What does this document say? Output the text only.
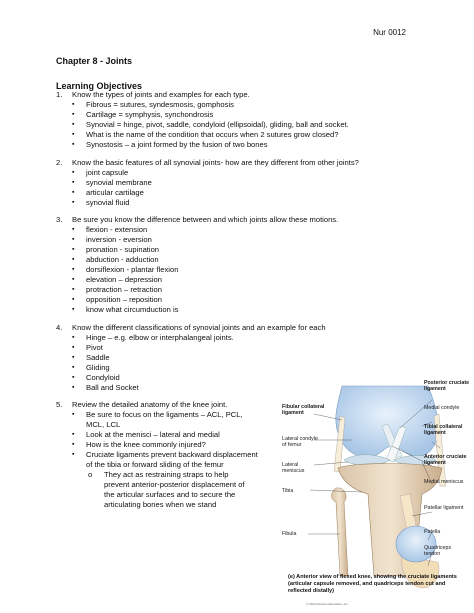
Nur 0012
Chapter 8 - Joints
Learning Objectives
1. Know the types of joints and examples for each type.
▪ Fibrous = sutures, syndesmosis, gomphosis
▪ Cartilage = symphysis, synchondrosis
▪ Synovial = hinge, pivot, saddle, condyloid (ellipsoidal), gliding, ball and socket.
▪ What is the name of the condition that occurs when 2 sutures grow closed?
▪ Synostosis – a joint formed by the fusion of two bones
2. Know the basic features of all synovial joints- how are they different from other joints?
▪ joint capsule
▪ synovial membrane
▪ articular cartilage
▪ synovial fluid
3. Be sure you know the difference between and which joints allow these motions.
▪ flexion - extension
▪ inversion - eversion
▪ pronation - supination
▪ abduction - adduction
▪ dorsiflexion - plantar flexion
▪ elevation – depression
▪ protraction – retraction
▪ opposition – reposition
▪ know what circumduction is
4. Know the different classifications of synovial joints and an example for each
▪ Hinge – e.g. elbow or interphalangeal joints.
▪ Pivot
▪ Saddle
▪ Gliding
▪ Condyloid
▪ Ball and Socket
5. Review the detailed anatomy of the knee joint.
▪ Be sure to focus on the ligaments – ACL, PCL,
MCL, LCL
▪ Look at the menisci – lateral and medial
▪ How is the knee commonly injured?
▪ Cruciate ligaments prevent backward displacement
of the tibia or forward sliding of the femur
o They act as restraining straps to help
prevent anterior-posterior displacement of
the articular surfaces and to secure the
articulating bones when we stand
Fibular collateral ligament
Lateral condyle of femur
Lateral meniscus
Tibia
Fibula
Posterior cruciate ligament
Medial condyle
Tibial collateral ligament
Anterior cruciate ligament
Medial meniscus
Patellar ligament
Patella
Quadriceps tendon
(e) Anterior view of flexed knee, showing the cruciate ligaments (articular capsule removed, and quadriceps tendon cut and reflected distally)
© 2013 Pearson Education, Inc.
